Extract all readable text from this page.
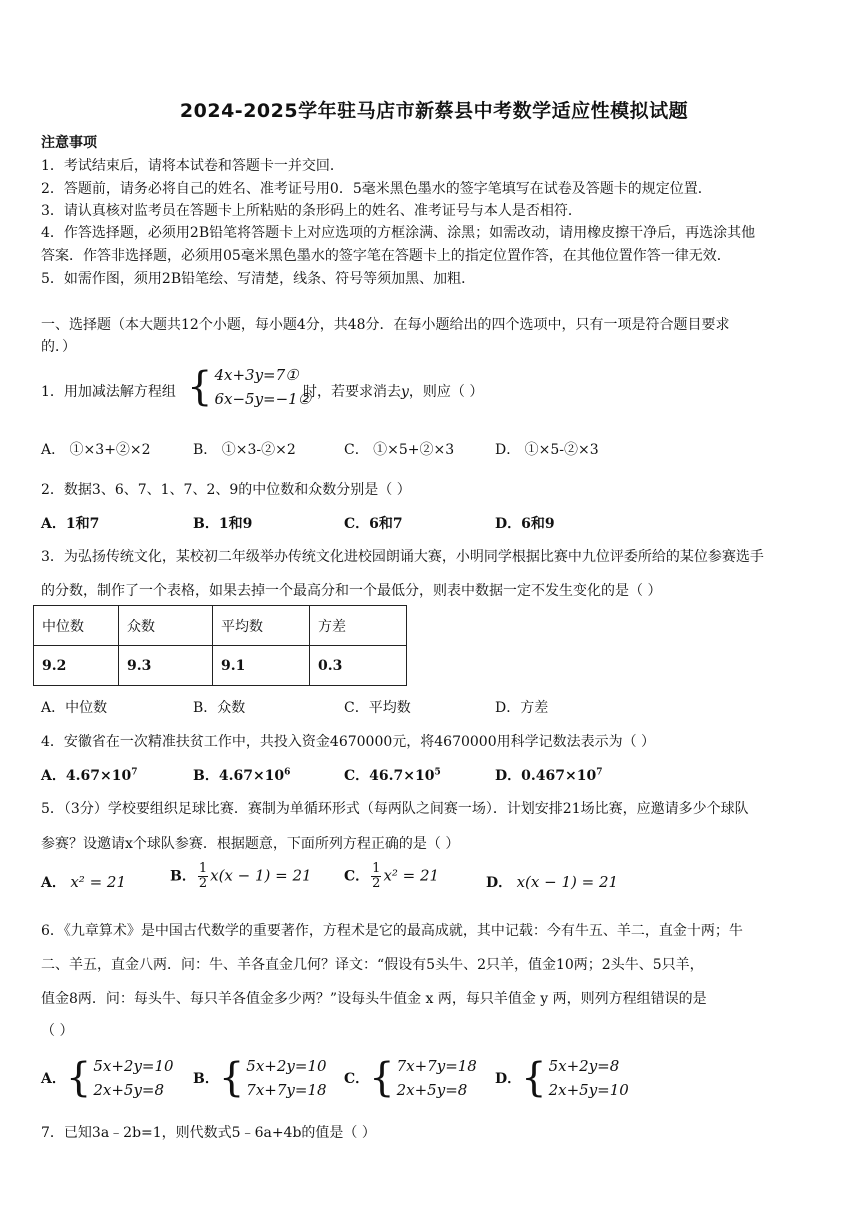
2024-2025学年驻马店市新蔡县中考数学适应性模拟试题
注意事项
1．考试结束后，请将本试卷和答题卡一并交回．
2．答题前，请务必将自己的姓名、准考证号用0．5毫米黑色墨水的签字笔填写在试卷及答题卡的规定位置．
3．请认真核对监考员在答题卡上所粘贴的条形码上的姓名、准考证号与本人是否相符．
4．作答选择题，必须用2B铅笔将答题卡上对应选项的方框涂满、涂黑；如需改动，请用橡皮擦干净后，再选涂其他
答案．作答非选择题，必须用05毫米黑色墨水的签字笔在答题卡上的指定位置作答，在其他位置作答一律无效．
5．如需作图，须用2B铅笔绘、写清楚，线条、符号等须加黑、加粗．
一、选择题（本大题共12个小题，每小题4分，共48分．在每小题给出的四个选项中，只有一项是符合题目要求
的．）
1．用加减法解方程组 { 4x+3y=7①
6x−5y=−1②
时，若要求消去y，则应（ ）
A． ①×3+②×2	B． ①×3-②×2	C． ①×5+②×3	D． ①×5-②×3
2．数据3、6、7、1、7、2、9的中位数和众数分别是（ ）
A．1和7	B．1和9	C．6和7	D．6和9
3．为弘扬传统文化，某校初二年级举办传统文化进校园朗诵大赛，小明同学根据比赛中九位评委所给的某位参赛选手
的分数，制作了一个表格，如果去掉一个最高分和一个最低分，则表中数据一定不发生变化的是（ ）
中位数	众数	平均数	方差
9.2	9.3	9.1	0.3
A．中位数	B．众数	C．平均数	D．方差
4．安徽省在一次精准扶贫工作中，共投入资金4670000元，将4670000用科学记数法表示为（ ）
A．$4.67\times 10^7$	B．$4.67\times 10^6$	C．$46.7\times 10^5$	D．$0.467\times 10^7$
5．（3分）学校要组织足球比赛．赛制为单循环形式（每两队之间赛一场）．计划安排21场比赛，应邀请多少个球队
参赛？设邀请x个球队参赛．根据题意，下面所列方程正确的是（ ）
A． x² = 21	B． $\frac{1}{2} x(x - 1) = 21$ C． $\frac{1}{2} x^2 = 21$	D． x(x − 1) = 21
6．《九章算术》是中国古代数学的重要著作，方程术是它的最高成就，其中记载：今有牛五、羊二，直金十两；牛
二、羊五，直金八两．问：牛、羊各直金几何？译文：“假设有5头牛、2只羊，值金10两；2头牛、5只羊，
值金8两．问：每头牛、每只羊各值金多少两？”设每头牛值金 x 两，每只羊值金 y 两，则列方程组错误的是
（ ）
A． { 5x+2y=10
2x+5y=8
B． { 5x+2y=10
7x+7y=18
C． { 7x+7y=18
2x+5y=8
D． { 5x+2y=8
2x+5y=10
7．已知3a﹣2b=1，则代数式5﹣6a+4b的值是（ ）
